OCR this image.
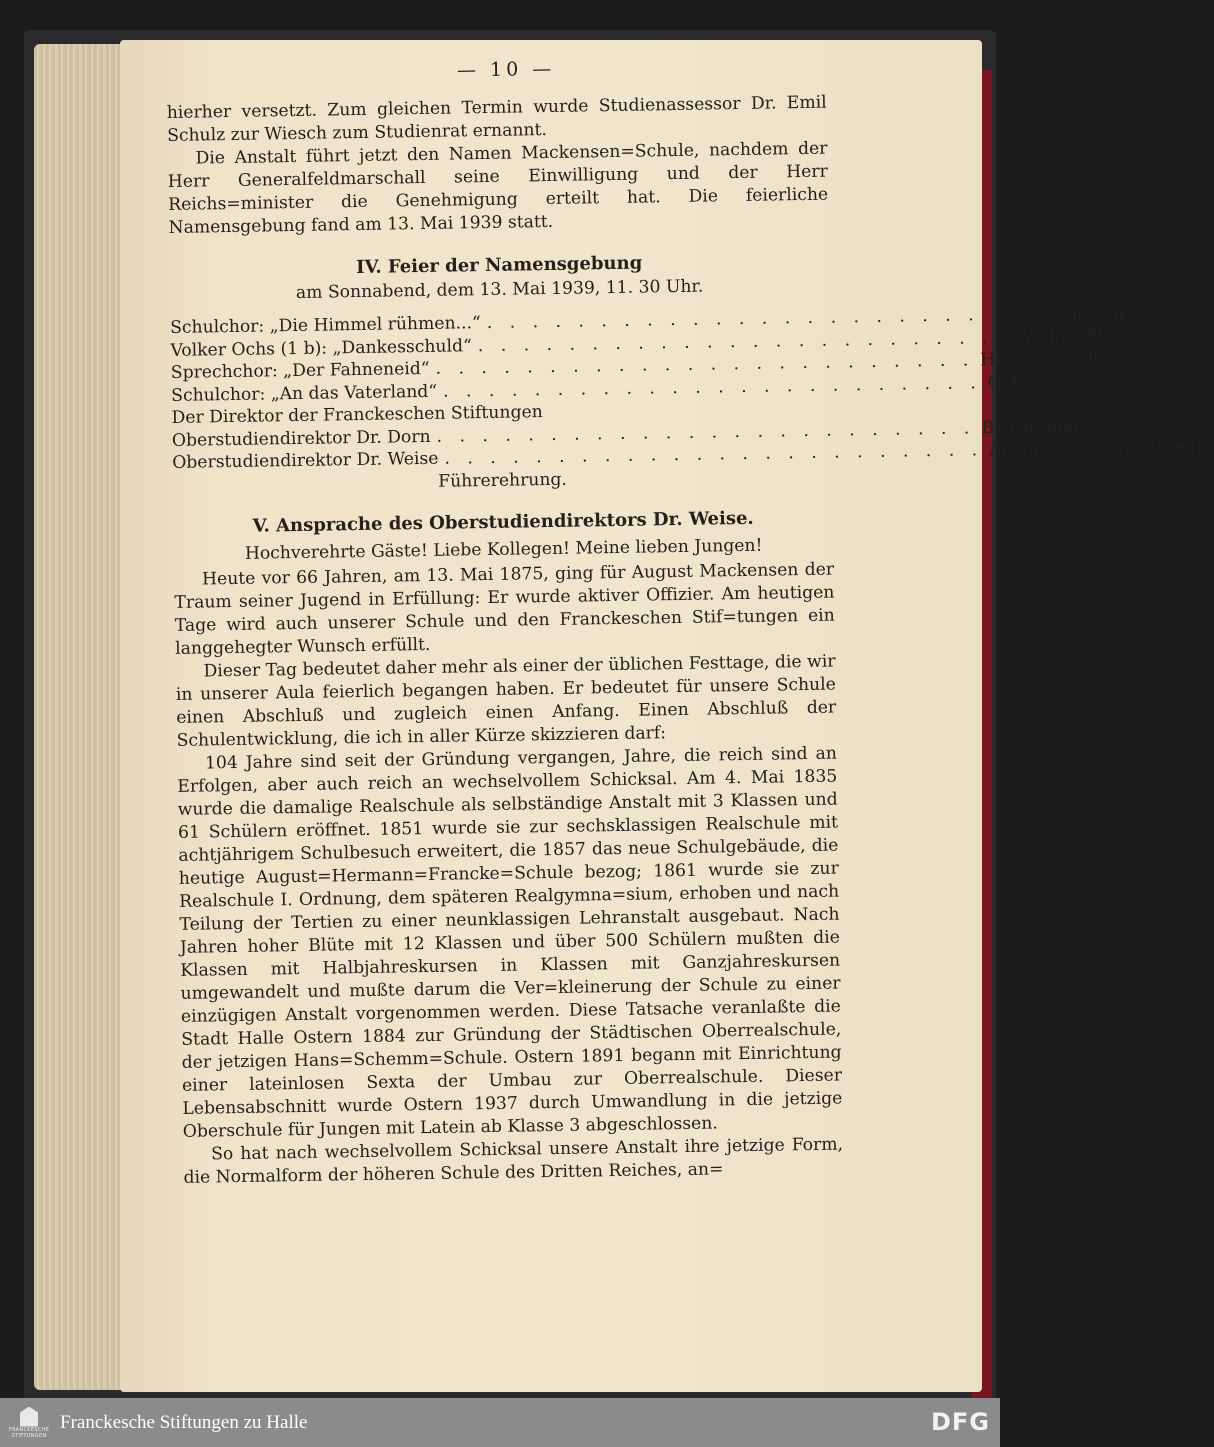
— 10 —

hierher versetzt. Zum gleichen Termin wurde Studienassessor Dr. Emil Schulz zur Wiesch zum Studienrat ernannt.

Die Anstalt führt jetzt den Namen Mackensen=Schule, nachdem der Herr Generalfeldmarschall seine Einwilligung und der Herr Reichs=minister die Genehmigung erteilt hat. Die feierliche Namensgebung fand am 13. Mai 1939 statt.

IV. Feier der Namensgebung
am Sonnabend, dem 13. Mai 1939, 11. 30 Uhr.
Schulchor: „Die Himmel rühmen...“ . . . . . . . . . . . . . . . . . . . . . . . . Beethoven
Volker Ochs (1 b): „Dankesschuld“ . . . . . . . . . . . . . . . . . . . . . . . . Walter Flex
Sprechchor: „Der Fahneneid“ . . . . . . . . . . . . . . . . . . . . . . . . Heinr. Lersch
Schulchor: „An das Vaterland“ . . . . . . . . . . . . . . . . . . . . . . . . C. Kreutzer
Der Direktor der Franckeschen Stiftungen
Oberstudiendirektor Dr. Dorn . . . . . . . . . . . . . . . . . . . . . . . . Begrüßung
Oberstudiendirektor Dr. Weise . . . . . . . . . . . . . . . . . . . . . . . . Ansprache (siehe unten)
Führerehrung.
V. Ansprache des Oberstudiendirektors Dr. Weise.

Hochverehrte Gäste! Liebe Kollegen! Meine lieben Jungen!

Heute vor 66 Jahren, am 13. Mai 1875, ging für August Mackensen der Traum seiner Jugend in Erfüllung: Er wurde aktiver Offizier. Am heutigen Tage wird auch unserer Schule und den Franckeschen Stif=tungen ein langgehegter Wunsch erfüllt.

Dieser Tag bedeutet daher mehr als einer der üblichen Festtage, die wir in unserer Aula feierlich begangen haben. Er bedeutet für unsere Schule einen Abschluß und zugleich einen Anfang. Einen Abschluß der Schulentwicklung, die ich in aller Kürze skizzieren darf:

104 Jahre sind seit der Gründung vergangen, Jahre, die reich sind an Erfolgen, aber auch reich an wechselvollem Schicksal. Am 4. Mai 1835 wurde die damalige Realschule als selbständige Anstalt mit 3 Klassen und 61 Schülern eröffnet. 1851 wurde sie zur sechsklassigen Realschule mit achtjährigem Schulbesuch erweitert, die 1857 das neue Schulgebäude, die heutige August=Hermann=Francke=Schule bezog; 1861 wurde sie zur Realschule I. Ordnung, dem späteren Realgymna=sium, erhoben und nach Teilung der Tertien zu einer neunklassigen Lehranstalt ausgebaut. Nach Jahren hoher Blüte mit 12 Klassen und über 500 Schülern mußten die Klassen mit Halbjahreskursen in Klassen mit Ganzjahreskursen umgewandelt und mußte darum die Ver=kleinerung der Schule zu einer einzügigen Anstalt vorgenommen werden. Diese Tatsache veranlaßte die Stadt Halle Ostern 1884 zur Gründung der Städtischen Oberrealschule, der jetzigen Hans=Schemm=Schule. Ostern 1891 begann mit Einrichtung einer lateinlosen Sexta der Umbau zur Oberrealschule. Dieser Lebensabschnitt wurde Ostern 1937 durch Umwandlung in die jetzige Oberschule für Jungen mit Latein ab Klasse 3 abgeschlossen.

So hat nach wechselvollem Schicksal unsere Anstalt ihre jetzige Form, die Normalform der höheren Schule des Dritten Reiches, an=

FRANCKESCHE STIFTUNGEN
Franckesche Stiftungen zu Halle	DFG
